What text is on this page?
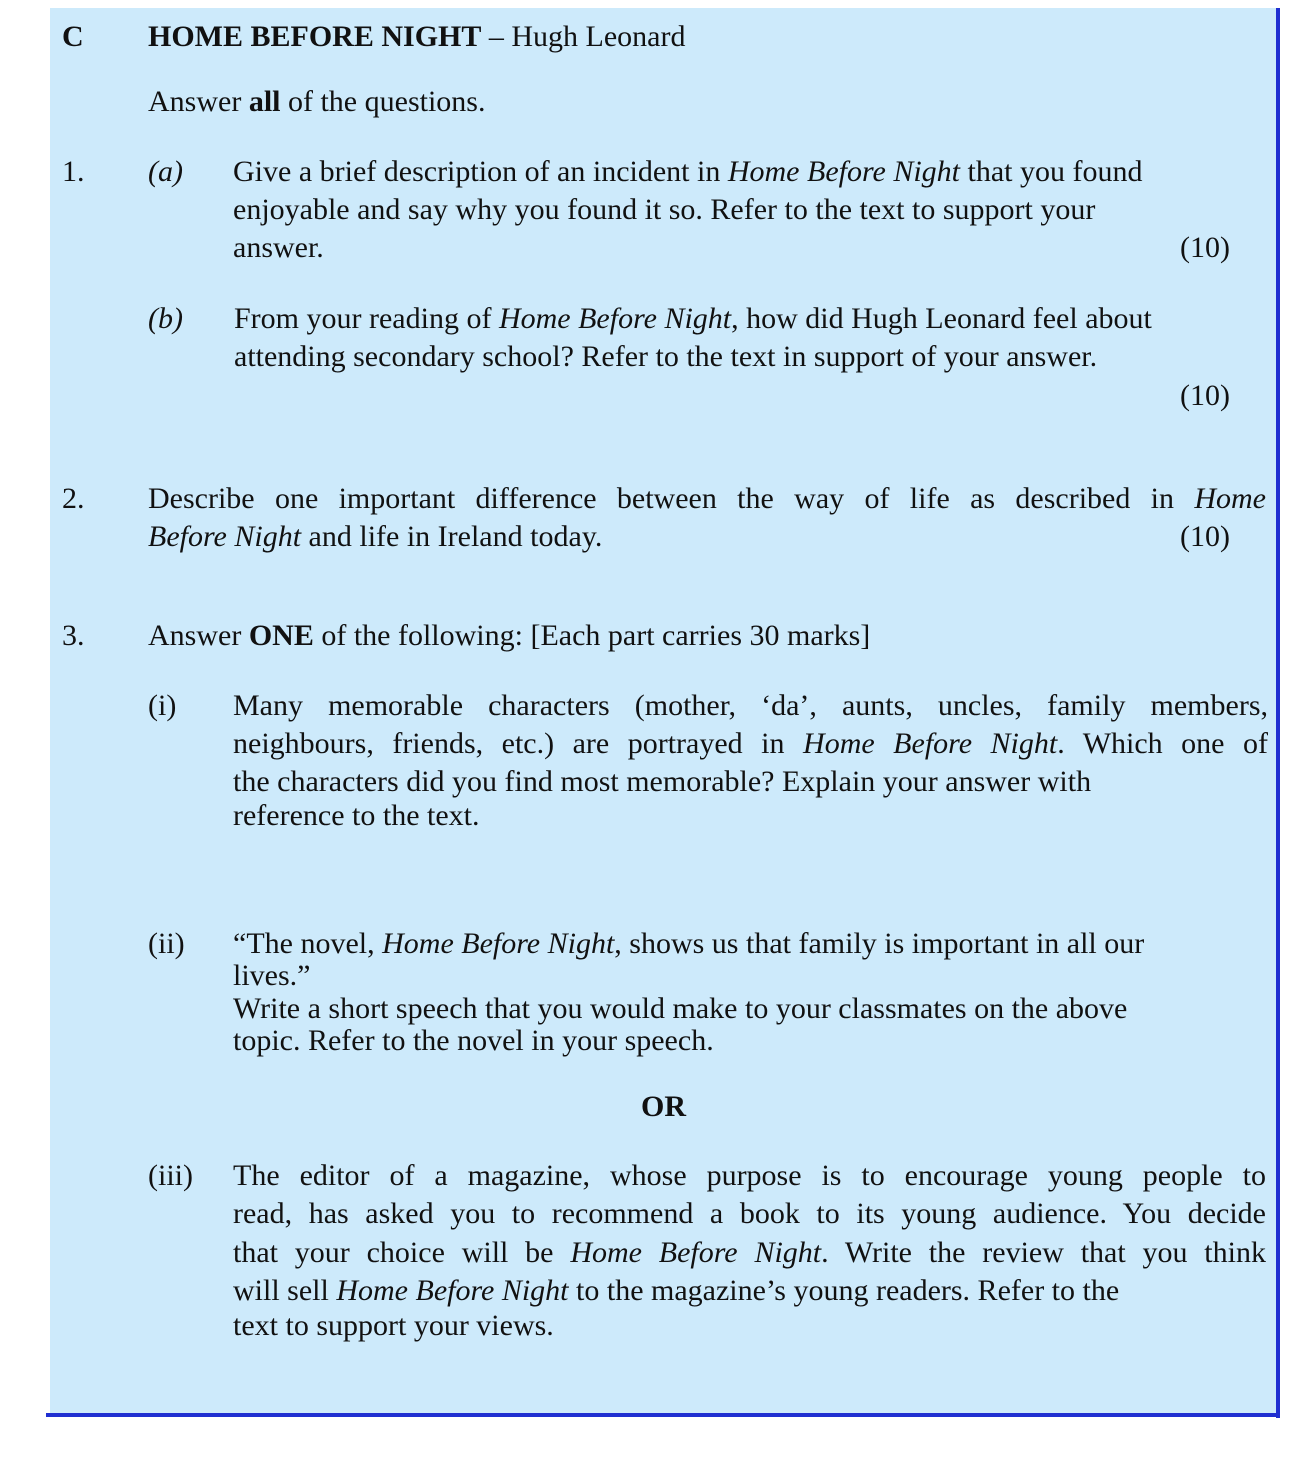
C HOME BEFORE NIGHT – Hugh Leonard
Answer all of the questions.
1. (a) Give a brief description of an incident in Home Before Night that you found
enjoyable and say why you found it so. Refer to the text to support your
answer.	(10)
(b) From your reading of Home Before Night, how did Hugh Leonard feel about
attending secondary school? Refer to the text in support of your answer.
(10)
2. Describe one important difference between the way of life as described in Home
Before Night and life in Ireland today.	(10)
3. Answer ONE of the following: [Each part carries 30 marks]
(i) Many memorable characters (mother, ‘da’, aunts, uncles, family members,
neighbours, friends, etc.) are portrayed in Home Before Night. Which one of
the characters did you find most memorable? Explain your answer with
reference to the text.
(ii) “The novel, Home Before Night, shows us that family is important in all our
lives.”
Write a short speech that you would make to your classmates on the above
topic. Refer to the novel in your speech.
OR
(iii) The editor of a magazine, whose purpose is to encourage young people to
read, has asked you to recommend a book to its young audience. You decide
that your choice will be Home Before Night. Write the review that you think
will sell Home Before Night to the magazine’s young readers. Refer to the
text to support your views.
